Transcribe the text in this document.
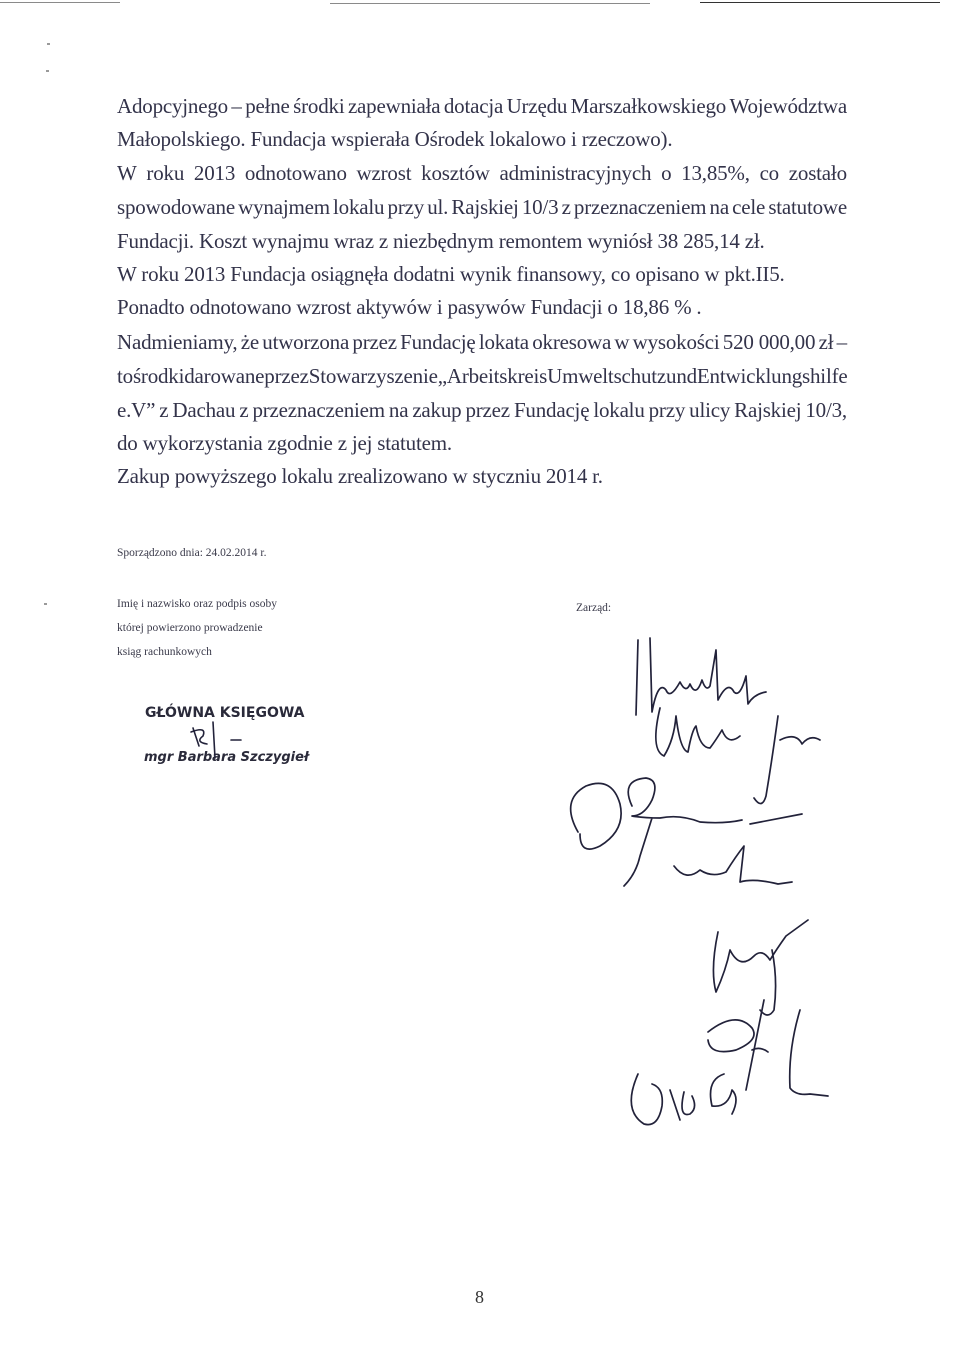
Adopcyjnego – pełne środki zapewniała dotacja Urzędu Marszałkowskiego Województwa
Małopolskiego. Fundacja wspierała Ośrodek lokalowo i rzeczowo).
W roku 2013 odnotowano wzrost kosztów administracyjnych o 13,85%, co zostało
spowodowane wynajmem lokalu przy ul. Rajskiej 10/3 z przeznaczeniem na cele statutowe
Fundacji. Koszt wynajmu wraz z niezbędnym remontem wyniósł 38 285,14 zł.
W roku 2013 Fundacja osiągnęła dodatni wynik finansowy, co opisano w pkt.II5.
Ponadto odnotowano wzrost aktywów i pasywów Fundacji o 18,86 % .
Nadmieniamy, że utworzona przez Fundację lokata okresowa w wysokości 520 000,00 zł –
to środki darowane przez Stowarzyszenie „Arbeitskreis Umweltschutz und Entwicklungshilfe
e.V” z Dachau z przeznaczeniem na zakup przez Fundację lokalu przy ulicy Rajskiej 10/3,
do wykorzystania zgodnie z jej statutem.
Zakup powyższego lokalu zrealizowano w styczniu 2014 r.
Sporządzono dnia: 24.02.2014 r.
Imię i nazwisko oraz podpis osoby
której powierzono prowadzenie
ksiąg rachunkowych
Zarząd:
GŁÓWNA KSIĘGOWA
mgr Barbara Szczygieł
8
